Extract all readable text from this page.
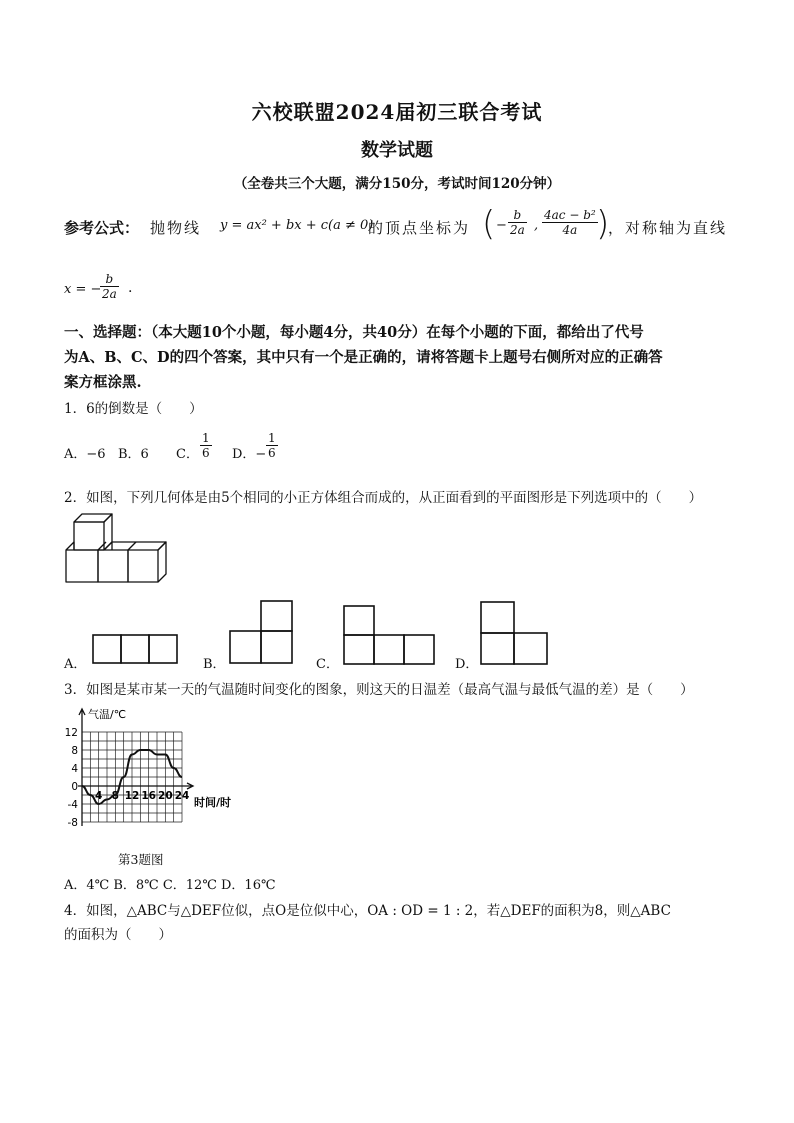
六校联盟2024届初三联合考试
数学试题
（全卷共三个大题，满分150分，考试时间120分钟）
参考公式： 抛物线 y = ax² + bx + c(a ≠ 0)
的顶点坐标为 ( − $\frac{b}{2a}$ , $\frac{\text{4ac − b²}}{4a}$
)
，对称轴为直线
x = −
$\frac{b}{2a}$ .
一、选择题：（本大题10个小题，每小题4分，共40分）在每个小题的下面，都给出了代号
为A、B、C、D的四个答案，其中只有一个是正确的，请将答题卡上题号右侧所对应的正确答
案方框涂黑.
1．6的倒数是（　　）
A．−6 B．6 C． $\frac{1}{6}$ D．− $\frac{1}{6}$
2．如图，下列几何体是由5个相同的小正方体组合而成的，从正面看到的平面图形是下列选项中的（　　）
A．	B．	C．	D．
3．如图是某市某一天的气温随时间变化的图象，则这天的日温差（最高气温与最低气温的差）是（　　）
12
8
4
0
-4
-8
4 8 12 16 20 24
气温/℃
时间/时
第3题图
A．4℃ B．8℃ C．12℃ D．16℃
4．如图，△ABC与△DEF位似，点O是位似中心，OA : OD = 1 : 2，若△DEF的面积为8，则△ABC
的面积为（　　）
